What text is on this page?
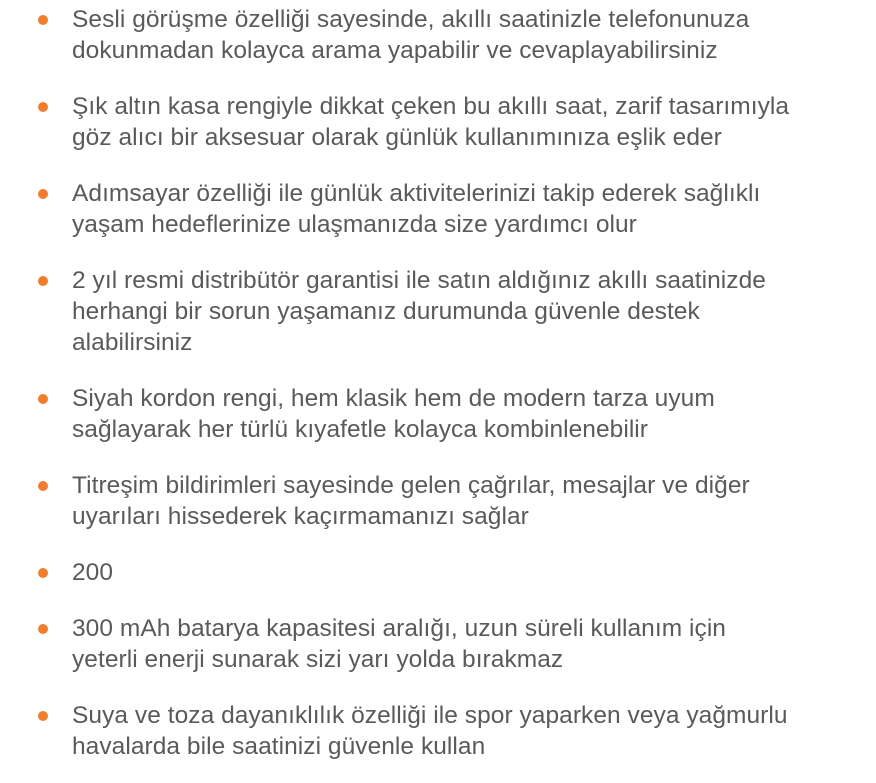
Sesli görüşme özelliği sayesinde, akıllı saatinizle telefonunuza
dokunmadan kolayca arama yapabilir ve cevaplayabilirsiniz
Şık altın kasa rengiyle dikkat çeken bu akıllı saat, zarif tasarımıyla
göz alıcı bir aksesuar olarak günlük kullanımınıza eşlik eder
Adımsayar özelliği ile günlük aktivitelerinizi takip ederek sağlıklı
yaşam hedeflerinize ulaşmanızda size yardımcı olur
2 yıl resmi distribütör garantisi ile satın aldığınız akıllı saatinizde
herhangi bir sorun yaşamanız durumunda güvenle destek
alabilirsiniz
Siyah kordon rengi, hem klasik hem de modern tarza uyum
sağlayarak her türlü kıyafetle kolayca kombinlenebilir
Titreşim bildirimleri sayesinde gelen çağrılar, mesajlar ve diğer
uyarıları hissederek kaçırmamanızı sağlar
200
300 mAh batarya kapasitesi aralığı, uzun süreli kullanım için
yeterli enerji sunarak sizi yarı yolda bırakmaz
Suya ve toza dayanıklılık özelliği ile spor yaparken veya yağmurlu
havalarda bile saatinizi güvenle kullan
